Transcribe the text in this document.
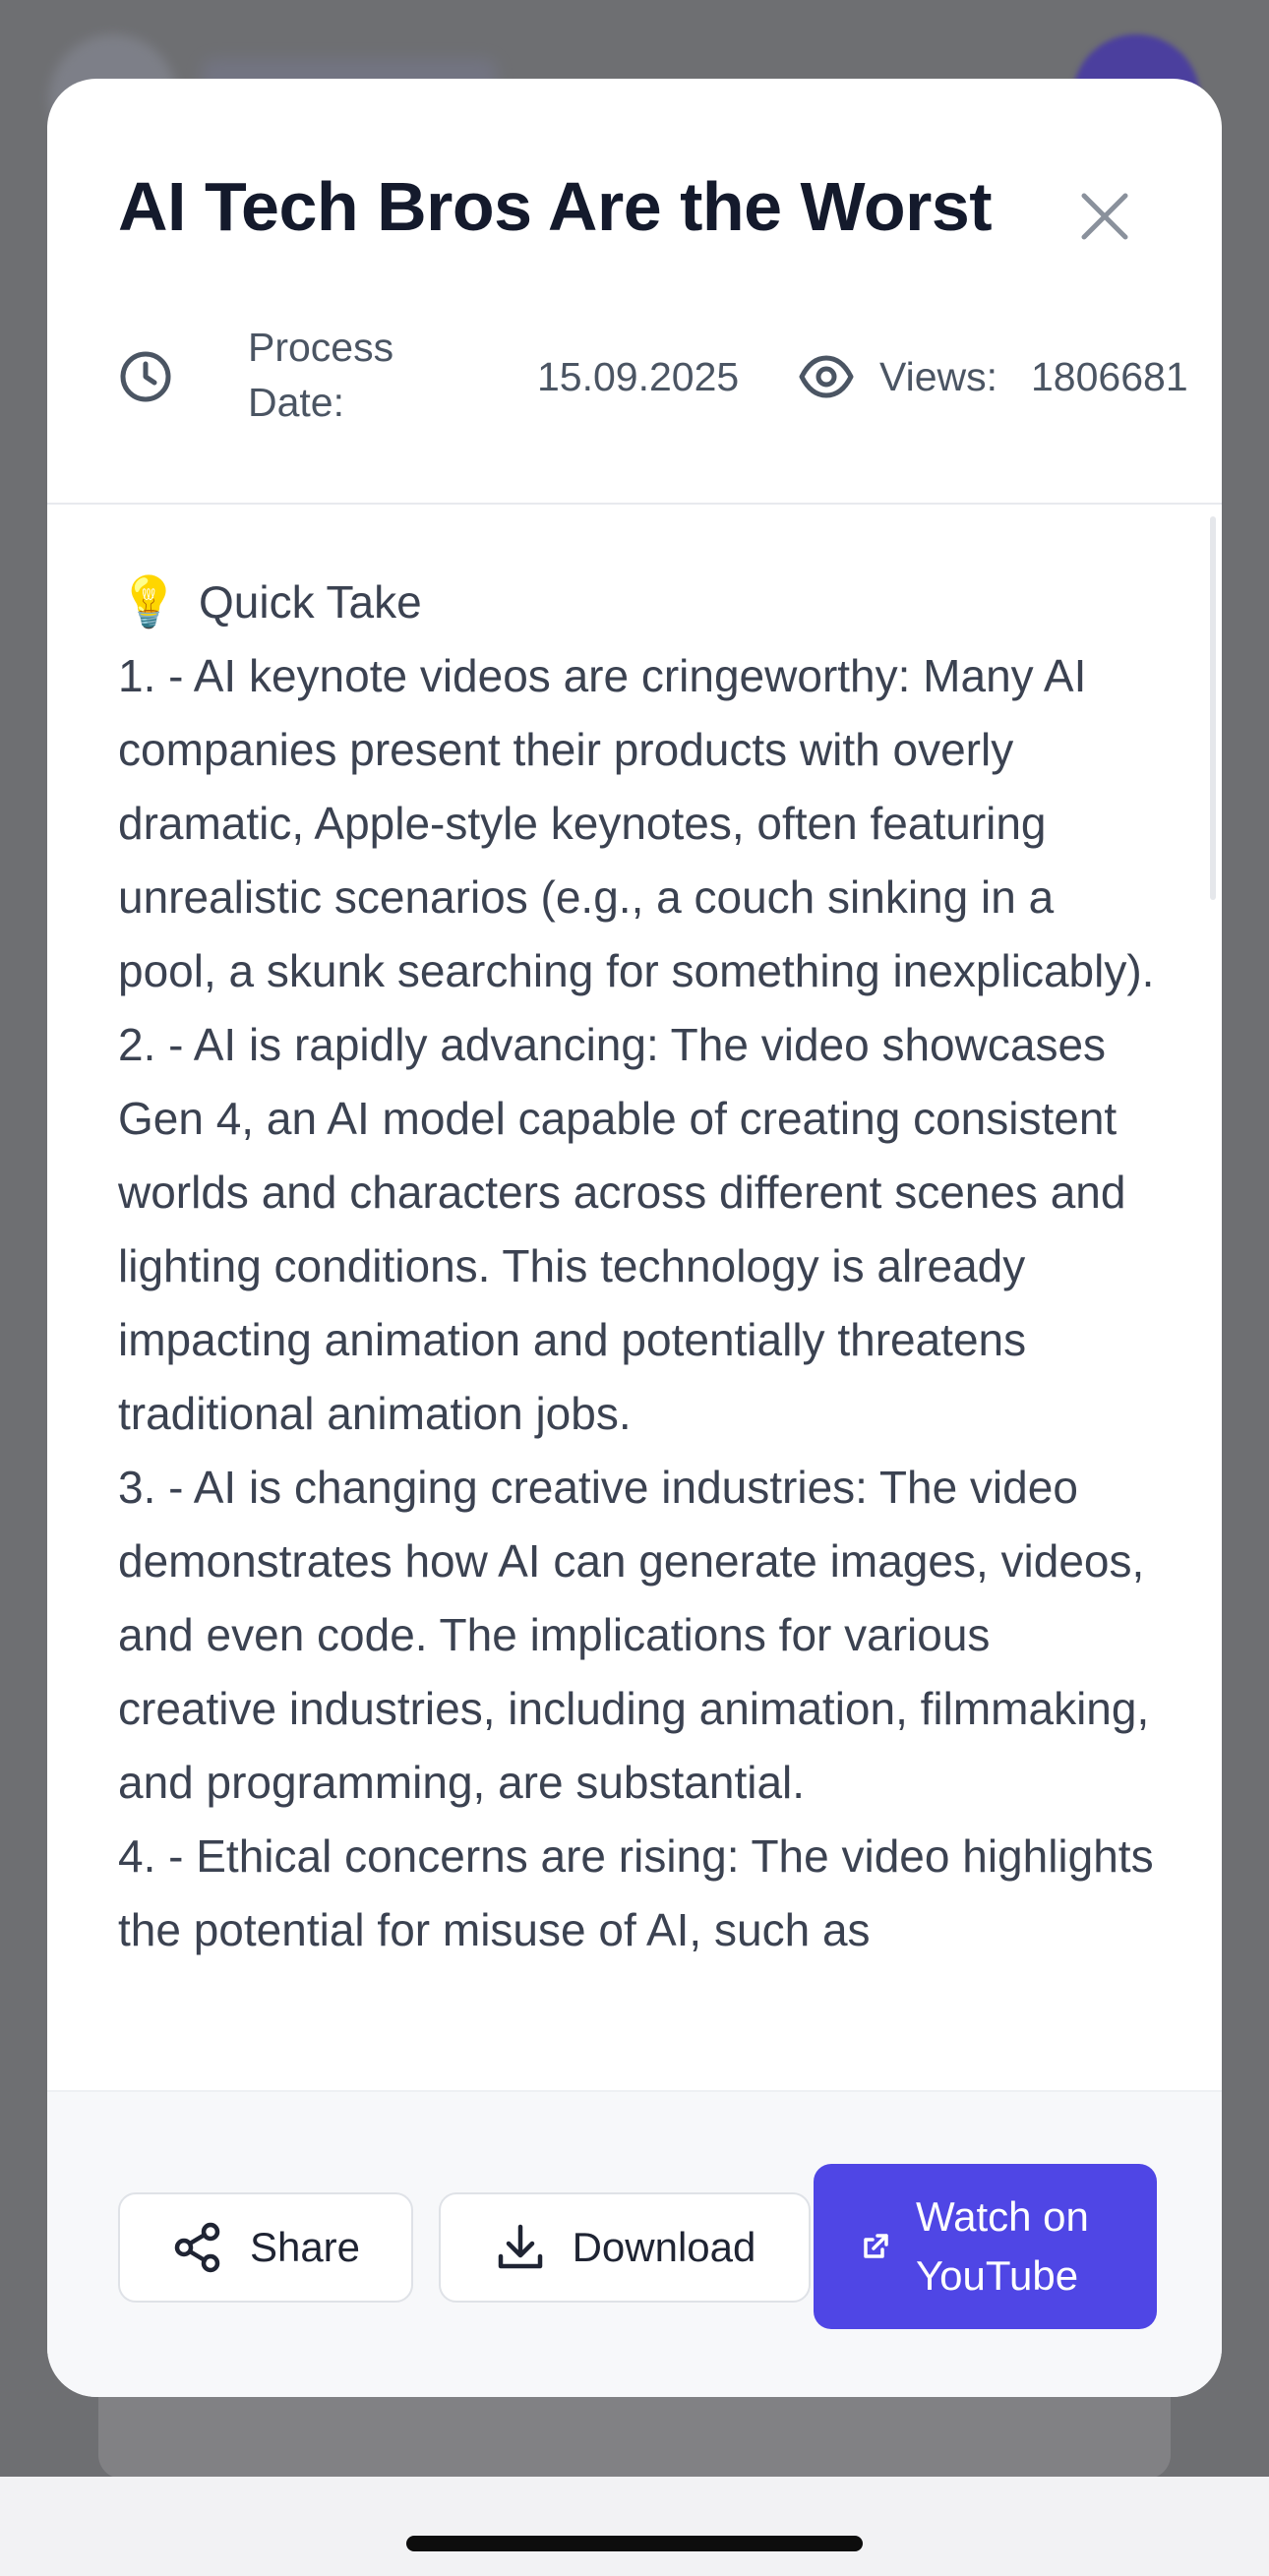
AI Tech Bros Are the Worst
Process Date:
15.09.2025	Views: 1806681
💡 Quick Take
1. - AI keynote videos are cringeworthy: Many AI companies present their products with overly dramatic, Apple-style keynotes, often featuring unrealistic scenarios (e.g., a couch sinking in a pool, a skunk searching for something inexplicably).
2. - AI is rapidly advancing: The video showcases Gen 4, an AI model capable of creating consistent worlds and characters across different scenes and lighting conditions. This technology is already impacting animation and potentially threatens traditional animation jobs.
3. - AI is changing creative industries: The video demonstrates how AI can generate images, videos, and even code. The implications for various creative industries, including animation, filmmaking, and programming, are substantial.
4. - Ethical concerns are rising: The video highlights the potential for misuse of AI, such as
Share	Download
Watch on YouTube
